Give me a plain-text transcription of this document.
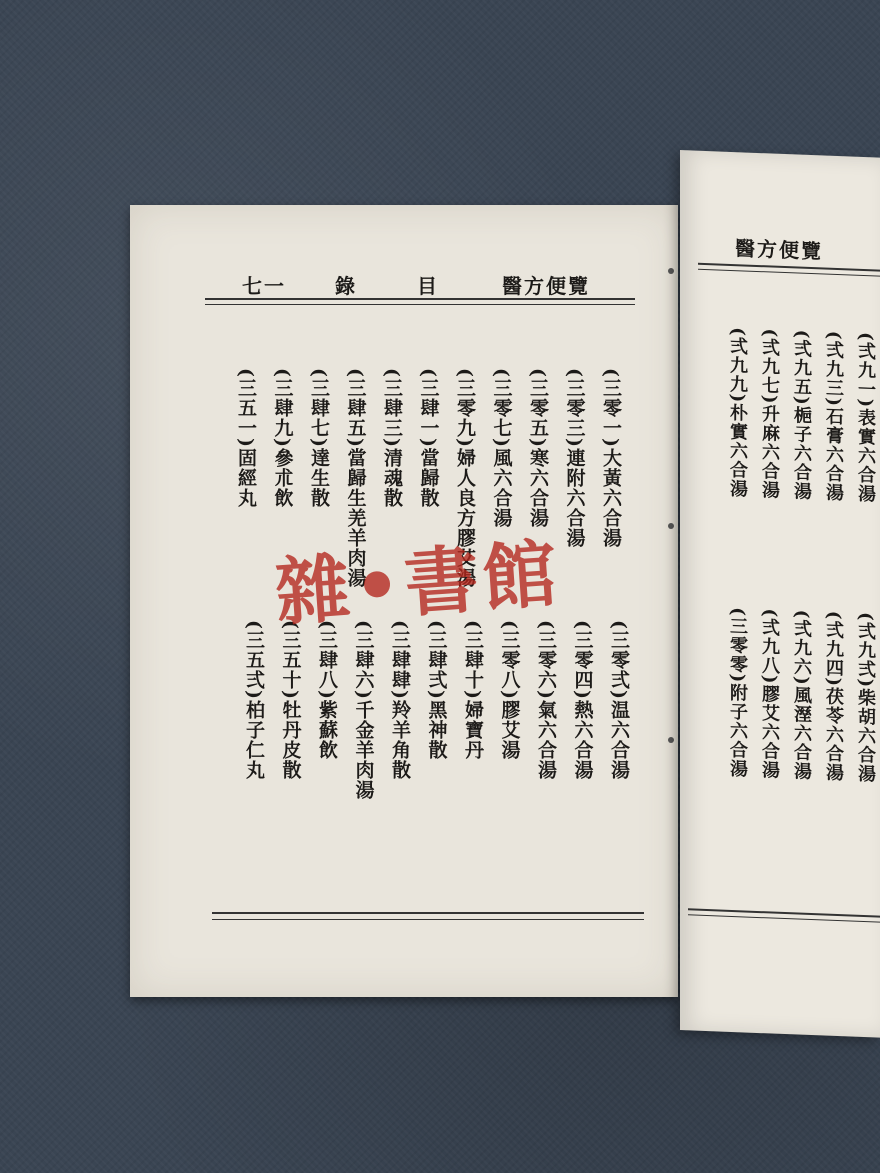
醫方便覽
目
錄
七一
(三零一)大黃六合湯
(三零三)連附六合湯
(三零五)寒六合湯
(三零七)風六合湯
(三零九)婦人良方膠艾湯
(三肆一)當歸散
(三肆三)清魂散
(三肆五)當歸生羌羊肉湯
(三肆七)達生散
(三肆九)參朮飲
(三五一)固經丸
(三零弍)温六合湯
(三零四)熱六合湯
(三零六)氣六合湯
(三零八)膠艾湯
(三肆十)婦寶丹
(三肆弍)黑神散
(三肆肆)羚羊角散
(三肆六)千金羊肉湯
(三肆八)紫蘇飲
(三五十)牡丹皮散
(三五弍)柏子仁丸
醫方便覽
(弍九一)表實六合湯
(弍九三)石膏六合湯
(弍九五)梔子六合湯
(弍九七)升麻六合湯
(弍九九)朴實六合湯
(弍九弍)柴胡六合湯
(弍九四)茯苓六合湯
(弍九六)風溼六合湯
(弍九八)膠艾六合湯
(三零零)附子六合湯
雜•書館
